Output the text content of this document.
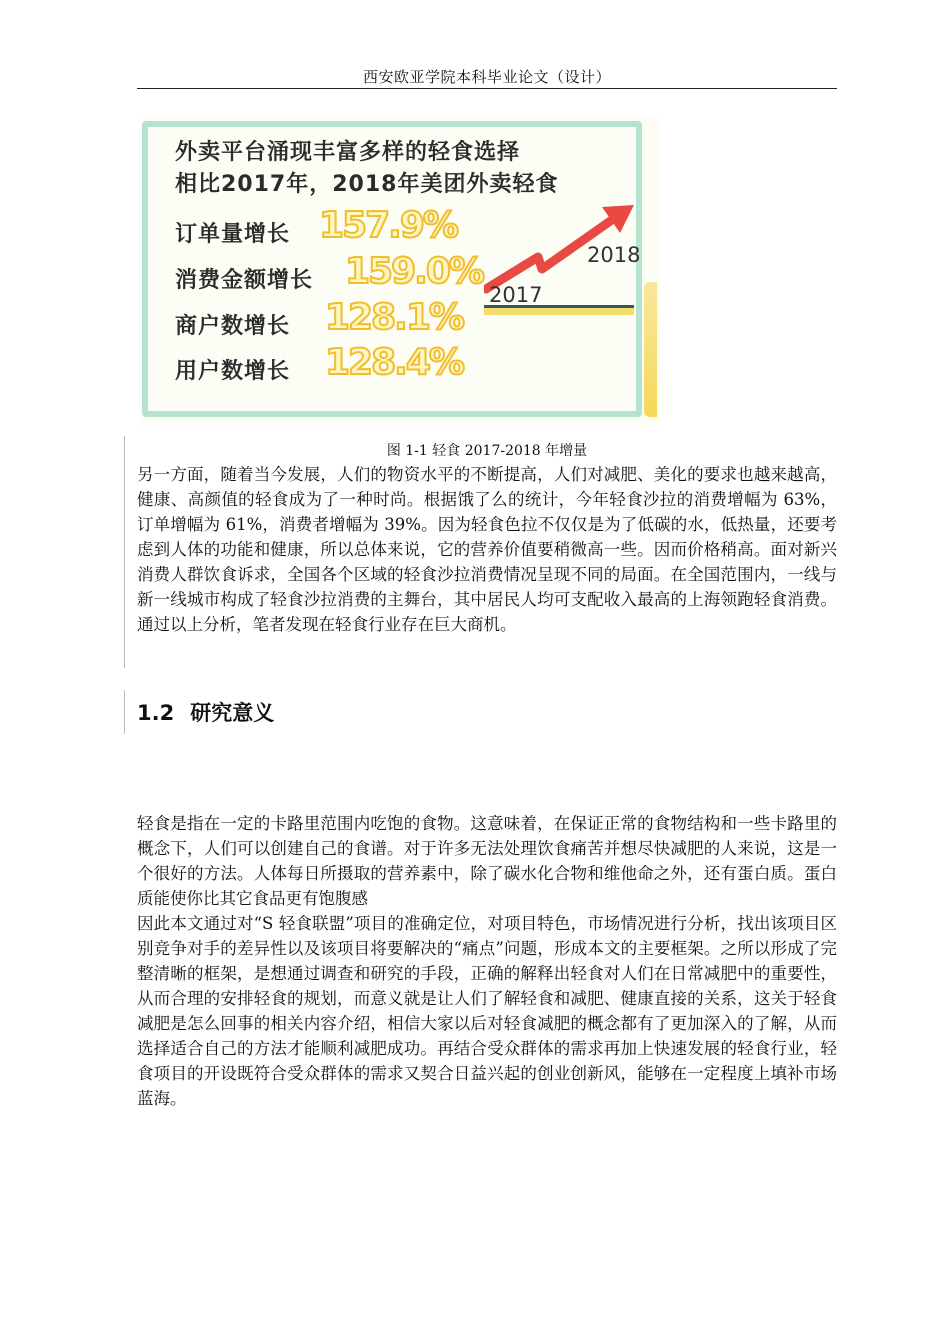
西安欧亚学院本科毕业论文（设计）
外卖平台涌现丰富多样的轻食选择
相比2017年，2018年美团外卖轻食
订单量增长 157.9%
消费金额增长 159.0%
商户数增长 128.1%
用户数增长 128.4%
2017
2018
图 1-1 轻食 2017-2018 年增量

另一方面，随着当今发展，人们的物资水平的不断提高，人们对减肥、美化的要求也越来越高，健康、高颜值的轻食成为了一种时尚。根据饿了么的统计，今年轻食沙拉的消费增幅为 63%，订单增幅为 61%，消费者增幅为 39%。因为轻食色拉不仅仅是为了低碳的水，低热量，还要考虑到人体的功能和健康，所以总体来说，它的营养价值要稍微高一些。因而价格稍高。面对新兴消费人群饮食诉求，全国各个区域的轻食沙拉消费情况呈现不同的局面。在全国范围内，一线与新一线城市构成了轻食沙拉消费的主舞台，其中居民人均可支配收入最高的上海领跑轻食消费。通过以上分析，笔者发现在轻食行业存在巨大商机。

1.2 研究意义

轻食是指在一定的卡路里范围内吃饱的食物。这意味着，在保证正常的食物结构和一些卡路里的概念下，人们可以创建自己的食谱。对于许多无法处理饮食痛苦并想尽快减肥的人来说，这是一个很好的方法。人体每日所摄取的营养素中，除了碳水化合物和维他命之外，还有蛋白质。蛋白质能使你比其它食品更有饱腹感

因此本文通过对“S 轻食联盟”项目的准确定位，对项目特色，市场情况进行分析，找出该项目区别竞争对手的差异性以及该项目将要解决的“痛点”问题，形成本文的主要框架。之所以形成了完整清晰的框架，是想通过调查和研究的手段，正确的解释出轻食对人们在日常减肥中的重要性，从而合理的安排轻食的规划，而意义就是让人们了解轻食和减肥、健康直接的关系，这关于轻食减肥是怎么回事的相关内容介绍，相信大家以后对轻食减肥的概念都有了更加深入的了解，从而选择适合自己的方法才能顺利减肥成功。再结合受众群体的需求再加上快速发展的轻食行业，轻食项目的开设既符合受众群体的需求又契合日益兴起的创业创新风，能够在一定程度上填补市场蓝海。
